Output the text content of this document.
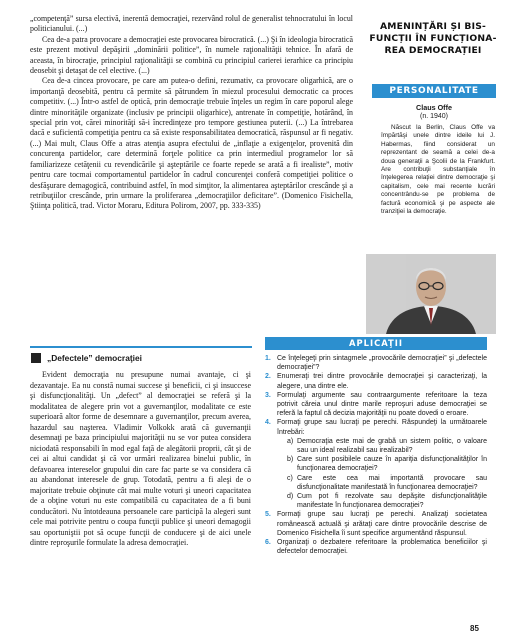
„competenţă” sursa electivă, inerentă democraţiei, rezervând rolul de generalist tehnocratului în locul politicianului. (...)

Cea de-a patra provocare a democraţiei este provocarea birocratică. (...) Şi în ideologia birocratică este prezent motivul depăşirii „dominării politice”, în numele raţionalităţii tehnice. În afară de aceasta, în birocraţie, principiul raţionalităţii se combină cu principiul carierei ierarhice ca principiu deosebit şi detaşat de cel elective. (...)

Cea de-a cincea provocare, pe care am putea-o defini, rezumativ, ca provocare oligarhică, are o importanţă deosebită, pentru că permite să pătrundem în miezul procesului democratic ca proces competitiv. (...) Într-o astfel de optică, prin democraţie trebuie înţeles un regim în care poporul alege dintre minorităţile organizate (inclusiv pe principii oligarhice), antrenate în competiţie, hotărând, în special prin vot, cărei minorităţi să-i încredinţeze pro tempore gestiunea puterii. (...) La întrebarea dacă e suficientă competiţia pentru ca să existe responsabilitatea democratică, răspunsul ar fi negativ. (...) Mai mult, Claus Offe a atras atenţia asupra efectului de „inflaţie a exigenţelor, provenită din concurenţa partidelor, care determină forţele politice ca prin intermediul programelor lor să familiarizeze cetăţenii cu revendicările şi aşteptările ce foarte repede se arată a fi irealiste”, motiv pentru care tocmai comportamentul partidelor în cadrul concurenţei conferă competiţiei politice o desfăşurare demagogică, contribuind astfel, în mod simţitor, la alimentarea aşteptărilor crescânde şi a retribuţiilor crescânde, prin urmare la proliferarea „democraţiilor deficitare”. (Domenico Fisichella, Ştiinţa politică, trad. Victor Moraru, Editura Polirom, 2007, pp. 333-335)

AMENINȚĂRI ȘI BIS-FUNCȚII ÎN FUNCȚIONA-REA DEMOCRAȚIEI
PERSONALITATE
Claus Offe
(n. 1940)

Născut la Berlin, Claus Offe va împărtăşi unele dintre ideile lui J. Habermas, fiind considerat un reprezentant de seamă a celei de-a doua generaţii a Şcolii de la Frankfurt. Are contribuţii substanţiale în înţelegerea relaţiei dintre democraţie şi capitalism, cele mai recente lucrări concentrându-se pe problema de factură economică şi pe aspecte ale tranziţiei la democraţie.

„Defectele” democraţiei

Evident democraţia nu presupune numai avantaje, ci şi dezavantaje. Ea nu constă numai succese şi beneficii, ci şi insuccese şi disfuncţionalităţi. Un „defect” al democraţiei se referă şi la modalitatea de alegere prin vot a guvernanţilor, modalitate ce este superioară altor forme de desemnare a guvernanţilor, precum averea, hazardul sau naşterea. Vladimir Volkokk arată că guvernanţii desemnaţi pe baza principiului majorităţii nu se vor putea considera niciodată responsabili în mod egal faţă de alegătorii proprii, cât şi de cei ai altui candidat şi că vor urmări realizarea binelui public, în defavoarea intereselor grupului din care fac parte se va considera că au abandonat interesele de grup. Totodată, pentru a fi aleşi de o majoritate trebuie obţinute cât mai multe voturi şi uneori capacitatea de a obţine voturi nu este compatibilă cu capacitatea de a fi buni conducători. Nu întotdeauna persoanele care participă la alegeri sunt cele mai potrivite pentru o coupa funcţii publice şi uneori demagogii sau oportuniştii pot să ocupe funcţii de conducere şi de aici unele dintre reproşurile formulate la adresa democraţiei.

APLICAŢII
1. Ce înţelegeţi prin sintagmele „provocările democraţiei” şi „defectele democraţiei”?
2. Enumeraţi trei dintre provocările democraţiei şi caracterizaţi, la alegere, una dintre ele.
3. Formulaţi argumente sau contraargumente referitoare la teza potrivit căreia unul dintre marile reproşuri aduse democraţiei se referă la faptul că decizia majorităţii nu poate dovedi o eroare.
4. Formaţi grupe sau lucraţi pe perechi. Răspundeţi la următoarele întrebări:
a) Democraţia este mai de grabă un sistem politic, o valoare sau un ideal realizabil sau irealizabil?
b) Care sunt posibilele cauze în apariţia disfuncţionalităţilor în funcţionarea democraţiei?
c) Care este cea mai importantă provocare sau disfuncţionalitate manifestată în funcţionarea democraţiei?
d) Cum pot fi rezolvate sau depăşite disfuncţionalităţile manifestate în funcţionarea democraţiei?
5. Formaţi grupe sau lucraţi pe perechi. Analizaţi societatea românească actuală şi arătaţi care dintre provocările descrise de Domenico Fisichella îi sunt specifice argumentând răspunsul.
6. Organizaţi o dezbatere referitoare la problematica beneficiilor şi defectelor democraţiei.
85
